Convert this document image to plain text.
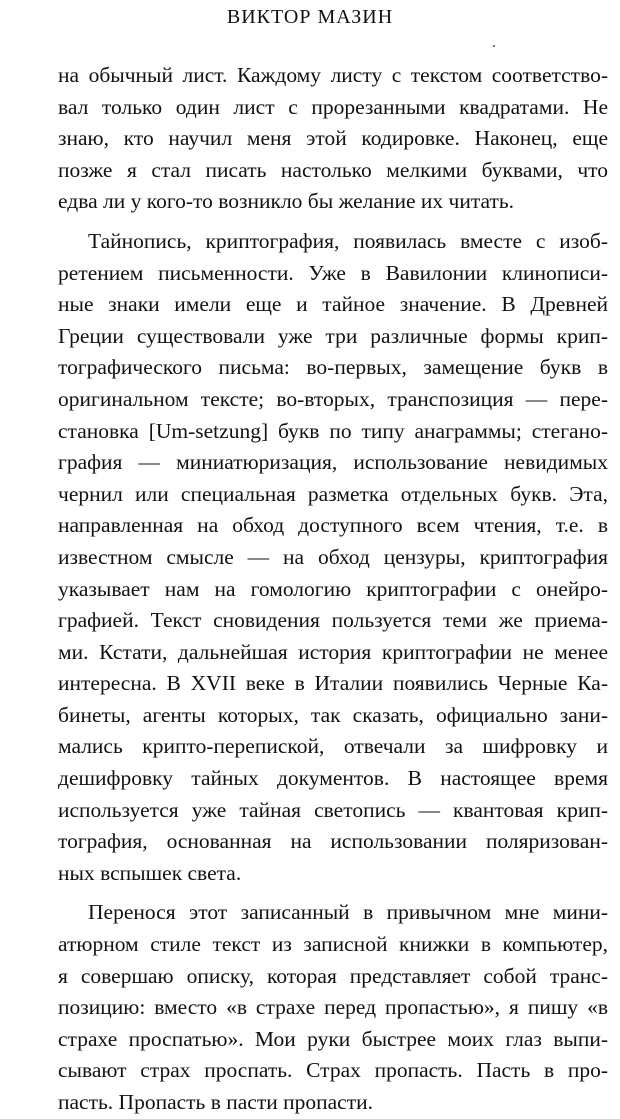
ВИКТОР МАЗИН
на обычный лист. Каждому листу с текстом соответство-
вал только один лист с прорезанными квадратами. Не
знаю, кто научил меня этой кодировке. Наконец, еще
позже я стал писать настолько мелкими буквами, что
едва ли у кого-то возникло бы желание их читать.
Тайнопись, криптография, появилась вместе с изоб-
ретением письменности. Уже в Вавилонии клинописи-
ные знаки имели еще и тайное значение. В Древней
Греции существовали уже три различные формы крип-
тографического письма: во-первых, замещение букв в
оригинальном тексте; во-вторых, транспозиция — пере-
становка [Um-setzung] букв по типу анаграммы; стегано-
графия — миниатюризация, использование невидимых
чернил или специальная разметка отдельных букв. Эта,
направленная на обход доступного всем чтения, т.е. в
известном смысле — на обход цензуры, криптография
указывает нам на гомологию криптографии с онейро-
графией. Текст сновидения пользуется теми же приема-
ми. Кстати, дальнейшая история криптографии не менее
интересна. В XVII веке в Италии появились Черные Ка-
бинеты, агенты которых, так сказать, официально зани-
мались крипто-перепиской, отвечали за шифровку и
дешифровку тайных документов. В настоящее время
используется уже тайная светопись — квантовая крип-
тография, основанная на использовании поляризован-
ных вспышек света.
Перенося этот записанный в привычном мне мини-
атюрном стиле текст из записной книжки в компьютер,
я совершаю описку, которая представляет собой транс-
позицию: вместо «в страхе перед пропастью», я пишу «в
страхе проспатью». Мои руки быстрее моих глаз выпи-
сывают страх проспать. Страх пропасть. Пасть в про-
пасть. Пропасть в пасти пропасти.
